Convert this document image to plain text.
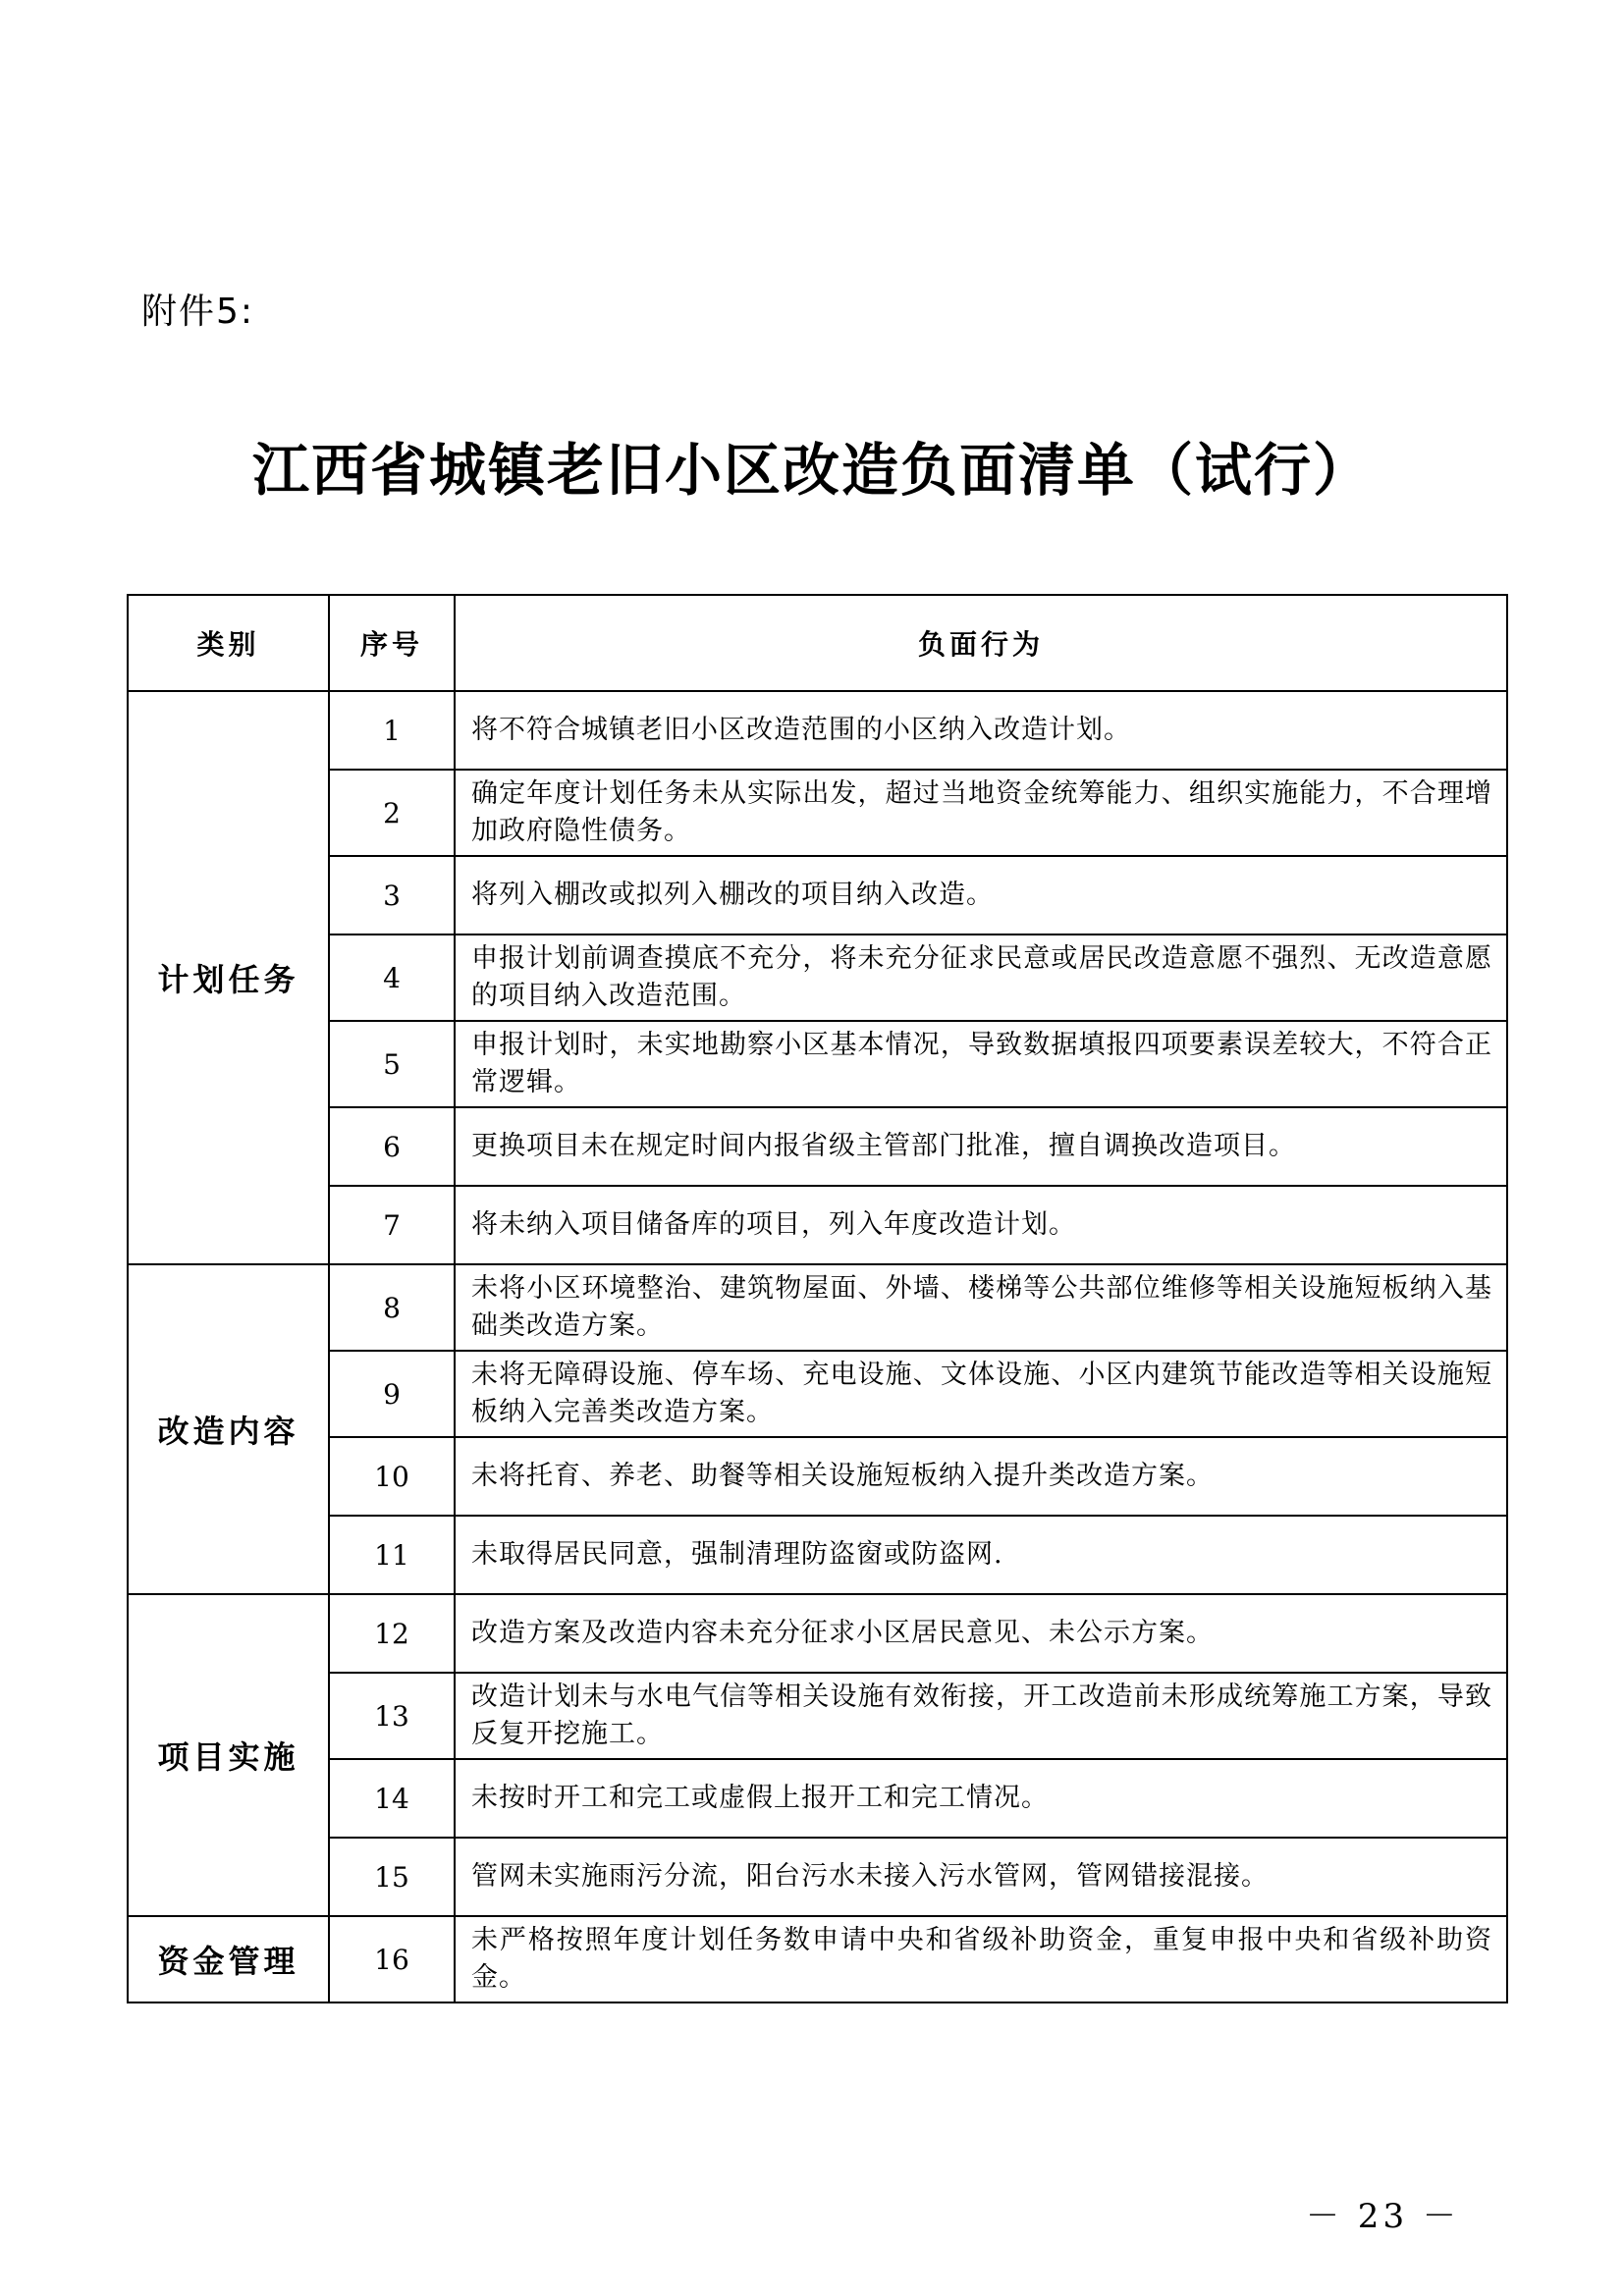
附件5:
江西省城镇老旧小区改造负面清单（试行）
类别	序号	负面行为
计划任务	1	将不符合城镇老旧小区改造范围的小区纳入改造计划。
	2	确定年度计划任务未从实际出发，超过当地资金统筹能力、组织实施能力，不合理增加政府隐性债务。
	3	将列入棚改或拟列入棚改的项目纳入改造。
	4	申报计划前调查摸底不充分，将未充分征求民意或居民改造意愿不强烈、无改造意愿的项目纳入改造范围。
	5	申报计划时，未实地勘察小区基本情况，导致数据填报四项要素误差较大，不符合正常逻辑。
	6	更换项目未在规定时间内报省级主管部门批准，擅自调换改造项目。
	7	将未纳入项目储备库的项目，列入年度改造计划。
改造内容	8	未将小区环境整治、建筑物屋面、外墙、楼梯等公共部位维修等相关设施短板纳入基础类改造方案。
	9	未将无障碍设施、停车场、充电设施、文体设施、小区内建筑节能改造等相关设施短板纳入完善类改造方案。
	10	未将托育、养老、助餐等相关设施短板纳入提升类改造方案。
	11	未取得居民同意，强制清理防盗窗或防盗网.
项目实施	12	改造方案及改造内容未充分征求小区居民意见、未公示方案。
	13	改造计划未与水电气信等相关设施有效衔接，开工改造前未形成统筹施工方案，导致反复开挖施工。
	14	未按时开工和完工或虚假上报开工和完工情况。
	15	管网未实施雨污分流，阳台污水未接入污水管网，管网错接混接。
资金管理	16	未严格按照年度计划任务数申请中央和省级补助资金，重复申报中央和省级补助资金。
－ 23 －
